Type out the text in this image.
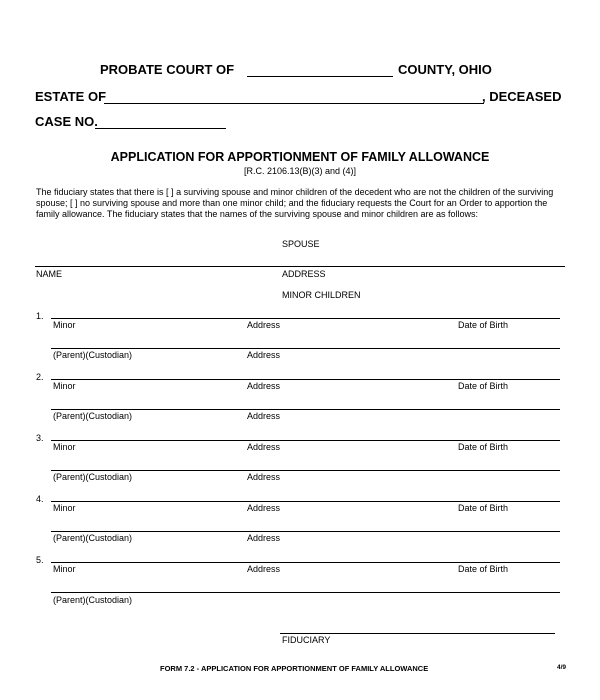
PROBATE COURT OF	COUNTY, OHIO
ESTATE OF	, DECEASED
CASE NO.
APPLICATION FOR APPORTIONMENT OF FAMILY ALLOWANCE
[R.C. 2106.13(B)(3) and (4)]
The fiduciary states that there is [ ] a surviving spouse and minor children of the decedent who are not the children of the surviving spouse; [ ] no surviving spouse and more than one minor child; and the fiduciary requests the Court for an Order to apportion the family allowance. The fiduciary states that the names of the surviving spouse and minor children are as follows:
SPOUSE
NAME	ADDRESS
MINOR CHILDREN
1.
Minor	Address	Date of Birth
(Parent)(Custodian)	Address
2.
Minor	Address	Date of Birth
(Parent)(Custodian)	Address
3.
Minor	Address	Date of Birth
(Parent)(Custodian)	Address
4.
Minor	Address	Date of Birth
(Parent)(Custodian)	Address
5.
Minor	Address	Date of Birth
(Parent)(Custodian)
FIDUCIARY
FORM 7.2 - APPLICATION FOR APPORTIONMENT OF FAMILY ALLOWANCE	4/9
